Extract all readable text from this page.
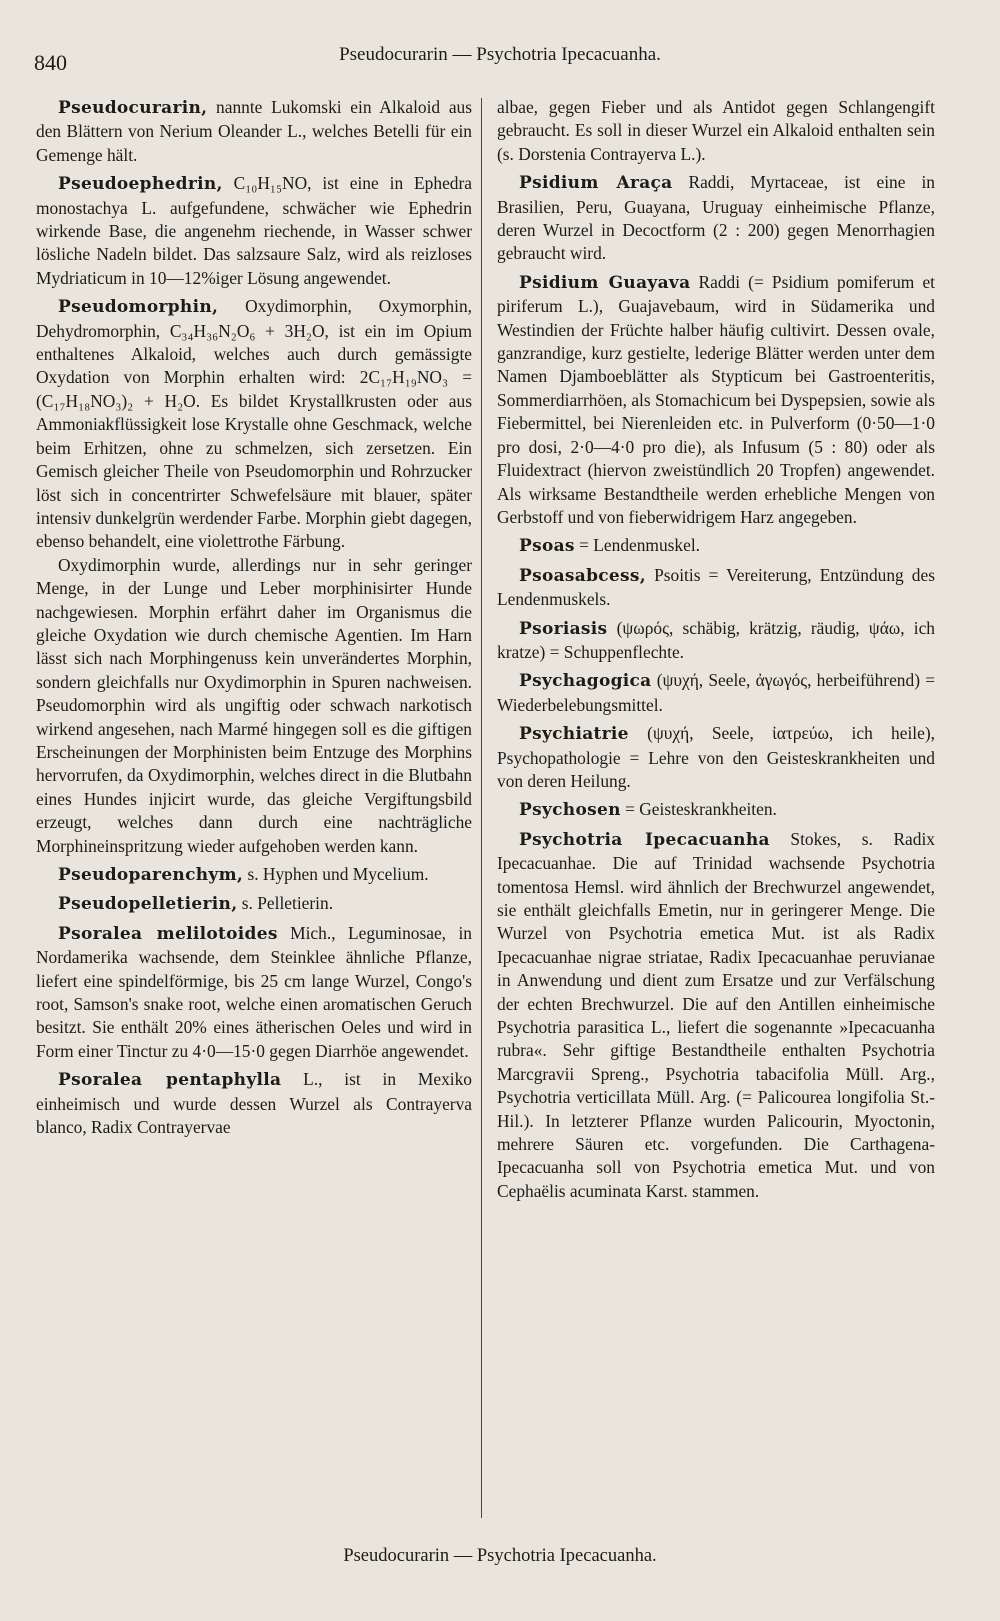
840	Pseudocurarin — Psychotria Ipecacuanha.

Pseudocurarin, nannte Lukomski ein Alkaloid aus den Blättern von Nerium Oleander L., welches Betelli für ein Gemenge hält.

Pseudoephedrin, C₁₀H₁₅NO, ist eine in Ephedra monostachya L. aufgefundene, schwächer wie Ephedrin wirkende Base, die angenehm riechende, in Wasser schwer lösliche Nadeln bildet. Das salzsaure Salz, wird als reizloses Mydriaticum in 10—12%iger Lösung angewendet.

Pseudomorphin, Oxydimorphin, Oxymorphin, Dehydromorphin, C₃₄H₃₆N₂O₆ + 3H₂O, ist ein im Opium enthaltenes Alkaloid, welches auch durch gemässigte Oxydation von Morphin erhalten wird: 2C₁₇H₁₉NO₃ = (C₁₇H₁₈NO₃)₂ + H₂O. Es bildet Krystallkrusten oder aus Ammoniakflüssigkeit lose Krystalle ohne Geschmack, welche beim Erhitzen, ohne zu schmelzen, sich zersetzen. Ein Gemisch gleicher Theile von Pseudomorphin und Rohrzucker löst sich in concentrirter Schwefelsäure mit blauer, später intensiv dunkelgrün werdender Farbe. Morphin giebt dagegen, ebenso behandelt, eine violettrothe Färbung.

Oxydimorphin wurde, allerdings nur in sehr geringer Menge, in der Lunge und Leber morphinisirter Hunde nachgewiesen. Morphin erfährt daher im Organismus die gleiche Oxydation wie durch chemische Agentien. Im Harn lässt sich nach Morphingenuss kein unverändertes Morphin, sondern gleichfalls nur Oxydimorphin in Spuren nachweisen. Pseudomorphin wird als ungiftig oder schwach narkotisch wirkend angesehen, nach Marmé hingegen soll es die giftigen Erscheinungen der Morphinisten beim Entzuge des Morphins hervorrufen, da Oxydimorphin, welches direct in die Blutbahn eines Hundes injicirt wurde, das gleiche Vergiftungsbild erzeugt, welches dann durch eine nachträgliche Morphineinspritzung wieder aufgehoben werden kann.

Pseudoparenchym, s. Hyphen und Mycelium.

Pseudopelletierin, s. Pelletierin.

Psoralea melilotoides Mich., Leguminosae, in Nordamerika wachsende, dem Steinklee ähnliche Pflanze, liefert eine spindelförmige, bis 25 cm lange Wurzel, Congo's root, Samson's snake root, welche einen aromatischen Geruch besitzt. Sie enthält 20% eines ätherischen Oeles und wird in Form einer Tinctur zu 4·0—15·0 gegen Diarrhöe angewendet.

Psoralea pentaphylla L., ist in Mexiko einheimisch und wurde dessen Wurzel als Contrayerva blanco, Radix Contrayervae

albae, gegen Fieber und als Antidot gegen Schlangengift gebraucht. Es soll in dieser Wurzel ein Alkaloid enthalten sein (s. Dorstenia Contrayerva L.).

Psidium Araça Raddi, Myrtaceae, ist eine in Brasilien, Peru, Guayana, Uruguay einheimische Pflanze, deren Wurzel in Decoctform (2 : 200) gegen Menorrhagien gebraucht wird.

Psidium Guayava Raddi (= Psidium pomiferum et piriferum L.), Guajavebaum, wird in Südamerika und Westindien der Früchte halber häufig cultivirt. Dessen ovale, ganzrandige, kurz gestielte, lederige Blätter werden unter dem Namen Djamboeblätter als Stypticum bei Gastroenteritis, Sommerdiarrhöen, als Stomachicum bei Dyspepsien, sowie als Fiebermittel, bei Nierenleiden etc. in Pulverform (0·50—1·0 pro dosi, 2·0—4·0 pro die), als Infusum (5 : 80) oder als Fluidextract (hiervon zweistündlich 20 Tropfen) angewendet. Als wirksame Bestandtheile werden erhebliche Mengen von Gerbstoff und von fieberwidrigem Harz angegeben.

Psoas = Lendenmuskel.

Psoasabcess, Psoitis = Vereiterung, Entzündung des Lendenmuskels.

Psoriasis (ψωρός, schäbig, krätzig, räudig, ψάω, ich kratze) = Schuppenflechte.

Psychagogica (ψυχή, Seele, ἀγωγός, herbeiführend) = Wiederbelebungsmittel.

Psychiatrie (ψυχή, Seele, ἰατρεύω, ich heile), Psychopathologie = Lehre von den Geisteskrankheiten und von deren Heilung.

Psychosen = Geisteskrankheiten.

Psychotria Ipecacuanha Stokes, s. Radix Ipecacuanhae. Die auf Trinidad wachsende Psychotria tomentosa Hemsl. wird ähnlich der Brechwurzel angewendet, sie enthält gleichfalls Emetin, nur in geringerer Menge. Die Wurzel von Psychotria emetica Mut. ist als Radix Ipecacuanhae nigrae striatae, Radix Ipecacuanhae peruvianae in Anwendung und dient zum Ersatze und zur Verfälschung der echten Brechwurzel. Die auf den Antillen einheimische Psychotria parasitica L., liefert die sogenannte »Ipecacuanha rubra«. Sehr giftige Bestandtheile enthalten Psychotria Marcgravii Spreng., Psychotria tabacifolia Müll. Arg., Psychotria verticillata Müll. Arg. (= Palicourea longifolia St.-Hil.). In letzterer Pflanze wurden Palicourin, Myoctonin, mehrere Säuren etc. vorgefunden. Die Carthagena-Ipecacuanha soll von Psychotria emetica Mut. und von Cephaëlis acuminata Karst. stammen.

Pseudocurarin — Psychotria Ipecacuanha.
